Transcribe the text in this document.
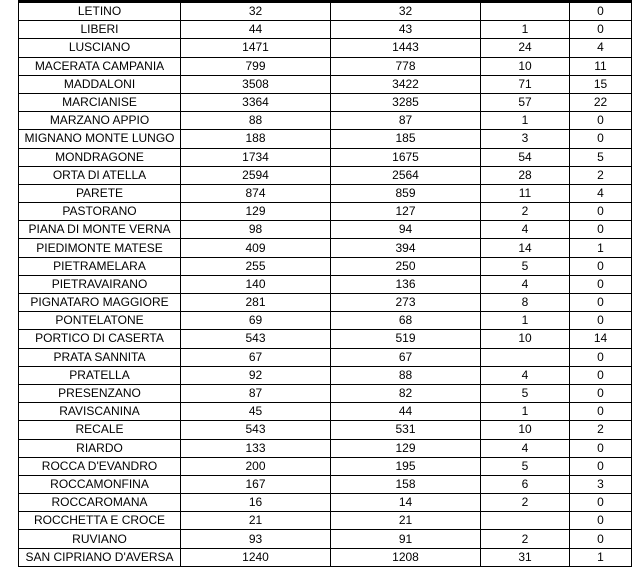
LETINO	32	32		0
LIBERI	44	43	1	0
LUSCIANO	1471	1443	24	4
MACERATA CAMPANIA	799	778	10	11
MADDALONI	3508	3422	71	15
MARCIANISE	3364	3285	57	22
MARZANO APPIO	88	87	1	0
MIGNANO MONTE LUNGO	188	185	3	0
MONDRAGONE	1734	1675	54	5
ORTA DI ATELLA	2594	2564	28	2
PARETE	874	859	11	4
PASTORANO	129	127	2	0
PIANA DI MONTE VERNA	98	94	4	0
PIEDIMONTE MATESE	409	394	14	1
PIETRAMELARA	255	250	5	0
PIETRAVAIRANO	140	136	4	0
PIGNATARO MAGGIORE	281	273	8	0
PONTELATONE	69	68	1	0
PORTICO DI CASERTA	543	519	10	14
PRATA SANNITA	67	67		0
PRATELLA	92	88	4	0
PRESENZANO	87	82	5	0
RAVISCANINA	45	44	1	0
RECALE	543	531	10	2
RIARDO	133	129	4	0
ROCCA D'EVANDRO	200	195	5	0
ROCCAMONFINA	167	158	6	3
ROCCAROMANA	16	14	2	0
ROCCHETTA E CROCE	21	21		0
RUVIANO	93	91	2	0
SAN CIPRIANO D'AVERSA	1240	1208	31	1
